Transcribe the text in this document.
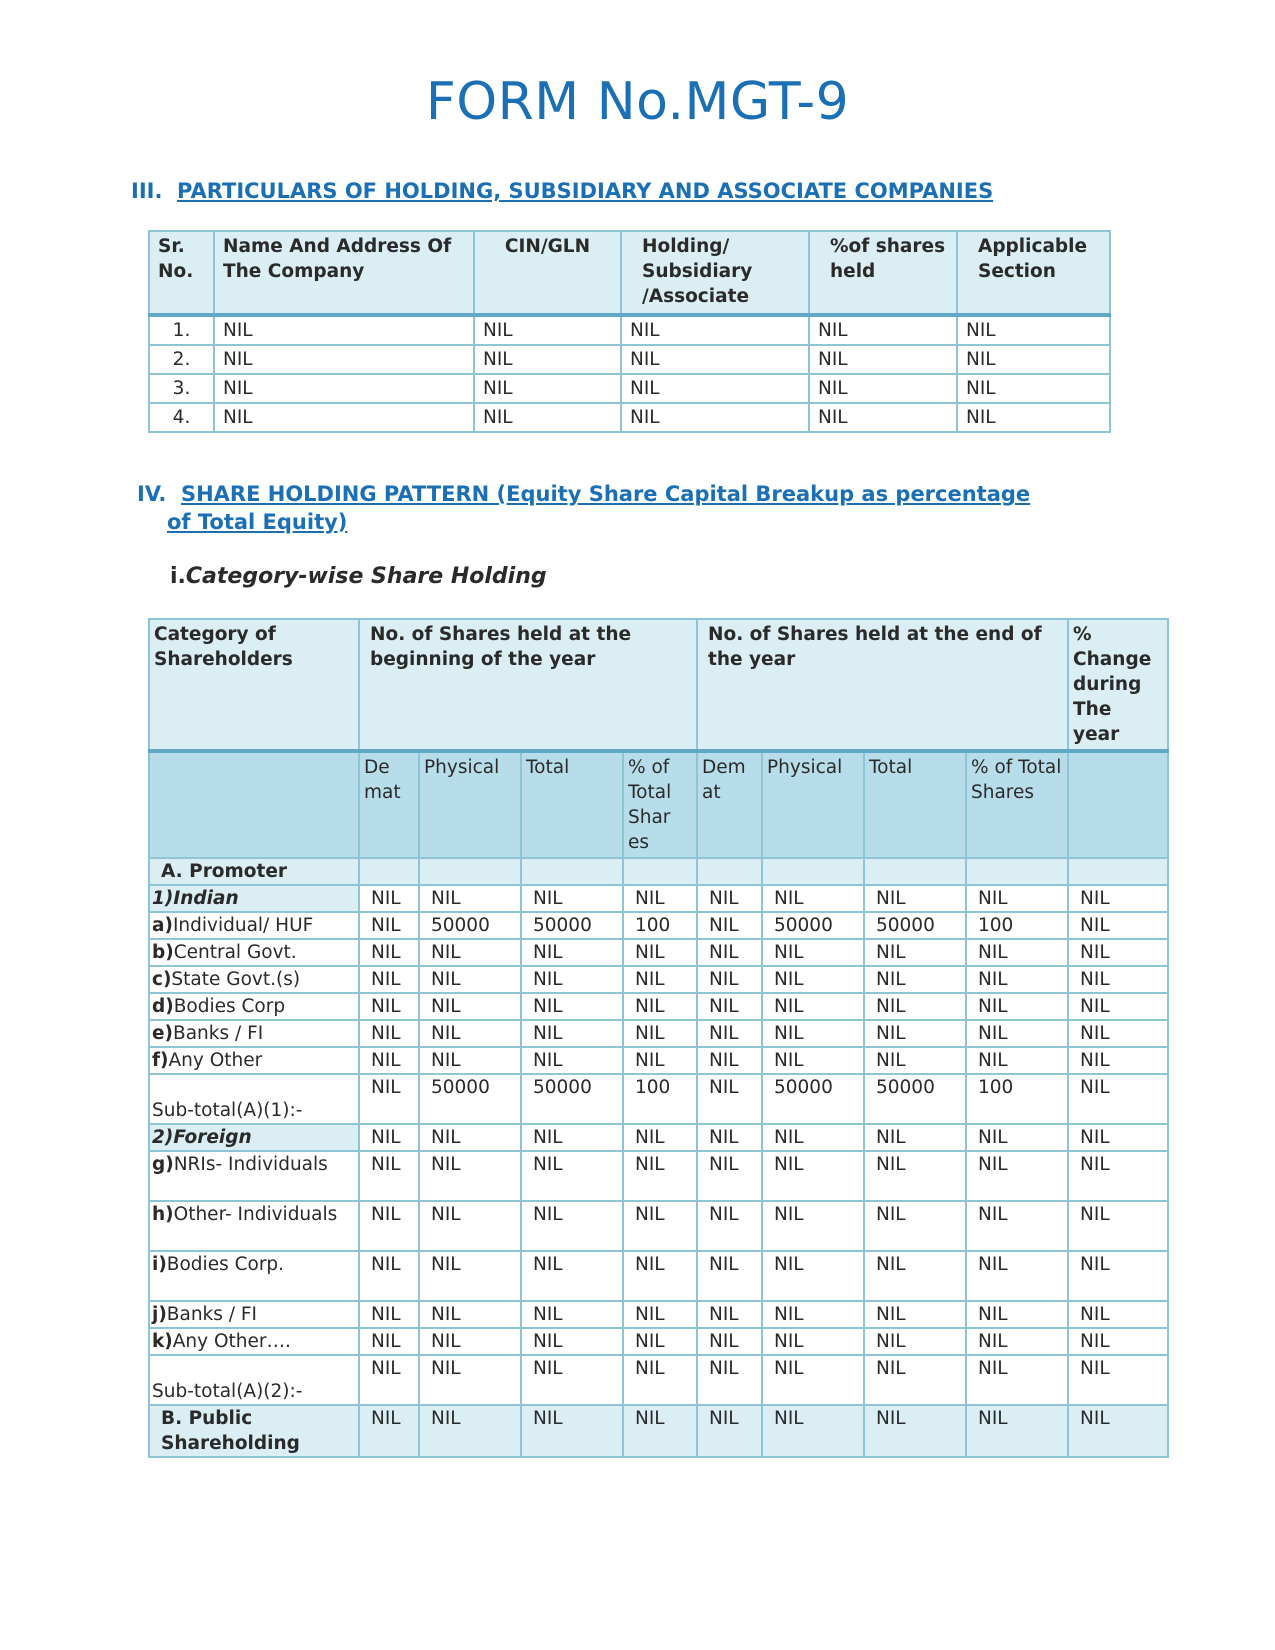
FORM No.MGT-9
III. PARTICULARS OF HOLDING, SUBSIDIARY AND ASSOCIATE COMPANIES
Sr. No.	Name And Address Of The Company	CIN/GLN	Holding/ Subsidiary /Associate	%of shares held	Applicable Section
1.	NIL	NIL	NIL	NIL	NIL
2.	NIL	NIL	NIL	NIL	NIL
3.	NIL	NIL	NIL	NIL	NIL
4.	NIL	NIL	NIL	NIL	NIL
IV. SHARE HOLDING PATTERN (Equity Share Capital Breakup as percentage
of Total Equity)
i.Category-wise Share Holding
Category of Shareholders	No. of Shares held at the beginning of the year				No. of Shares held at the end of the year				% Change during The year
	De mat	Physical	Total	% of Total Shar es	Dem at	Physical	Total	% of Total Shares	
A. Promoter									
1)Indian	NIL	NIL	NIL	NIL	NIL	NIL	NIL	NIL	NIL
a)Individual/ HUF	NIL	50000	50000	100	NIL	50000	50000	100	NIL
b)Central Govt.	NIL	NIL	NIL	NIL	NIL	NIL	NIL	NIL	NIL
c)State Govt.(s)	NIL	NIL	NIL	NIL	NIL	NIL	NIL	NIL	NIL
d)Bodies Corp	NIL	NIL	NIL	NIL	NIL	NIL	NIL	NIL	NIL
e)Banks / FI	NIL	NIL	NIL	NIL	NIL	NIL	NIL	NIL	NIL
f)Any Other	NIL	NIL	NIL	NIL	NIL	NIL	NIL	NIL	NIL
Sub-total(A)(1):-	NIL	50000	50000	100	NIL	50000	50000	100	NIL
2)Foreign	NIL	NIL	NIL	NIL	NIL	NIL	NIL	NIL	NIL
g)NRIs- Individuals	NIL	NIL	NIL	NIL	NIL	NIL	NIL	NIL	NIL
h)Other- Individuals	NIL	NIL	NIL	NIL	NIL	NIL	NIL	NIL	NIL
i)Bodies Corp.	NIL	NIL	NIL	NIL	NIL	NIL	NIL	NIL	NIL
j)Banks / FI	NIL	NIL	NIL	NIL	NIL	NIL	NIL	NIL	NIL
k)Any Other….	NIL	NIL	NIL	NIL	NIL	NIL	NIL	NIL	NIL
Sub-total(A)(2):-	NIL	NIL	NIL	NIL	NIL	NIL	NIL	NIL	NIL
B. Public Shareholding	NIL	NIL	NIL	NIL	NIL	NIL	NIL	NIL	NIL
